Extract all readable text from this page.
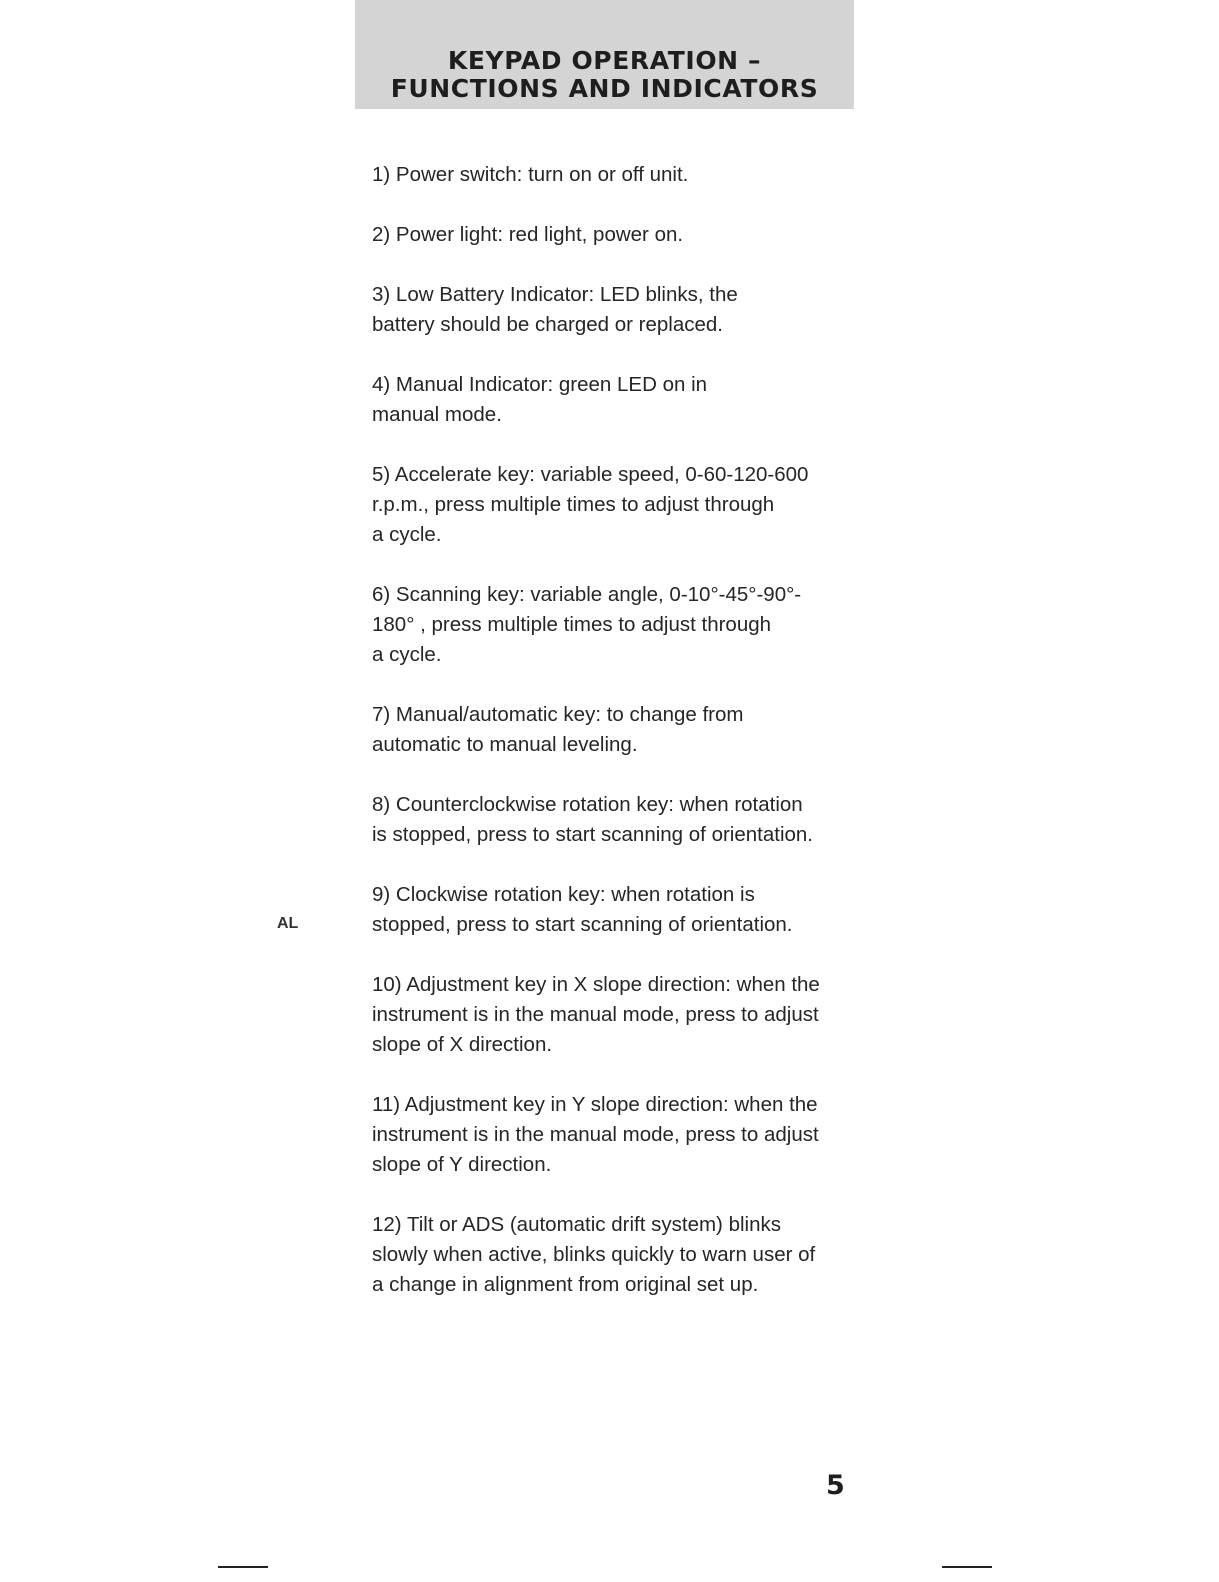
KEYPAD OPERATION –
FUNCTIONS AND INDICATORS
1) Power switch: turn on or off unit.
2) Power light: red light, power on.
3) Low Battery Indicator: LED blinks, the
battery should be charged or replaced.
4) Manual Indicator: green LED on in
manual mode.
5) Accelerate key: variable speed, 0-60-120-600
r.p.m., press multiple times to adjust through
a cycle.
6) Scanning key: variable angle, 0-10°-45°-90°-
180° , press multiple times to adjust through
a cycle.
7) Manual/automatic key: to change from
automatic to manual leveling.
8) Counterclockwise rotation key: when rotation
is stopped, press to start scanning of orientation.
9) Clockwise rotation key: when rotation is
stopped, press to start scanning of orientation.
10) Adjustment key in X slope direction: when the
instrument is in the manual mode, press to adjust
slope of X direction.
11) Adjustment key in Y slope direction: when the
instrument is in the manual mode, press to adjust
slope of Y direction.
12) Tilt or ADS (automatic drift system) blinks
slowly when active, blinks quickly to warn user of
a change in alignment from original set up.
AL
5
